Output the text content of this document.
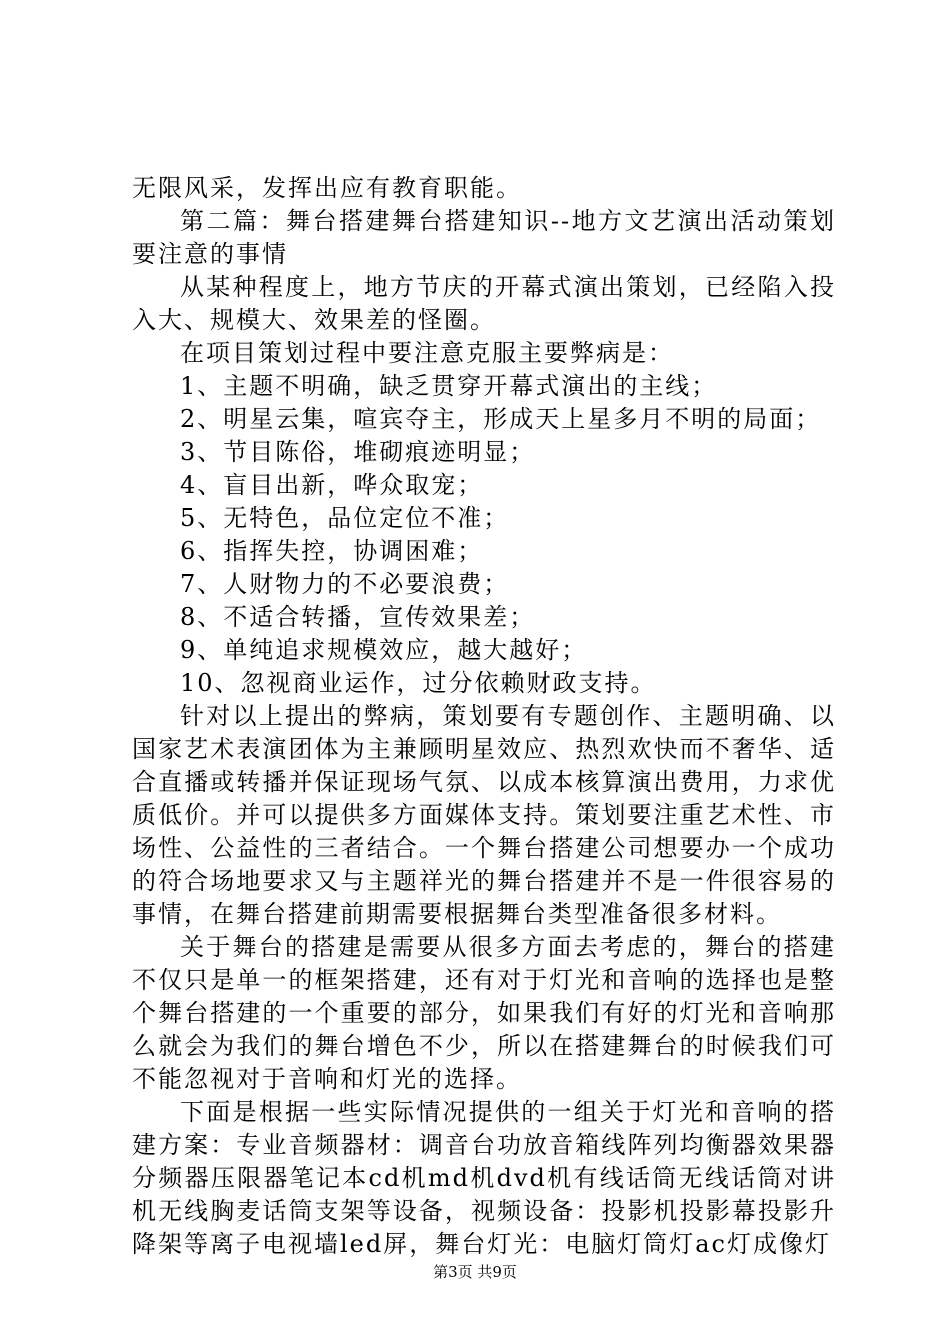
无限风采，发挥出应有教育职能。

第二篇：舞台搭建舞台搭建知识--地方文艺演出活动策划要注意的事情

从某种程度上，地方节庆的开幕式演出策划，已经陷入投入大、规模大、效果差的怪圈。

在项目策划过程中要注意克服主要弊病是：

1、主题不明确，缺乏贯穿开幕式演出的主线；

2、明星云集，喧宾夺主，形成天上星多月不明的局面；

3、节目陈俗，堆砌痕迹明显；

4、盲目出新，哗众取宠；

5、无特色，品位定位不准；

6、指挥失控，协调困难；

7、人财物力的不必要浪费；

8、不适合转播，宣传效果差；

9、单纯追求规模效应，越大越好；

10、忽视商业运作，过分依赖财政支持。

针对以上提出的弊病，策划要有专题创作、主题明确、以国家艺术表演团体为主兼顾明星效应、热烈欢快而不奢华、适合直播或转播并保证现场气氛、以成本核算演出费用，力求优质低价。并可以提供多方面媒体支持。策划要注重艺术性、市场性、公益性的三者结合。一个舞台搭建公司想要办一个成功的符合场地要求又与主题祥光的舞台搭建并不是一件很容易的事情，在舞台搭建前期需要根据舞台类型准备很多材料。

关于舞台的搭建是需要从很多方面去考虑的，舞台的搭建不仅只是单一的框架搭建，还有对于灯光和音响的选择也是整个舞台搭建的一个重要的部分，如果我们有好的灯光和音响那么就会为我们的舞台增色不少，所以在搭建舞台的时候我们可不能忽视对于音响和灯光的选择。

下面是根据一些实际情况提供的一组关于灯光和音响的搭建方案：专业音频器材：调音台功放音箱线阵列均衡器效果器分频器压限器笔记本cd机md机dvd机有线话筒无线话筒对讲机无线胸麦话筒支架等设备，视频设备：投影机投影幕投影升降架等离子电视墙led屏，舞台灯光：电脑灯筒灯ac灯成像灯

第3页 共9页
